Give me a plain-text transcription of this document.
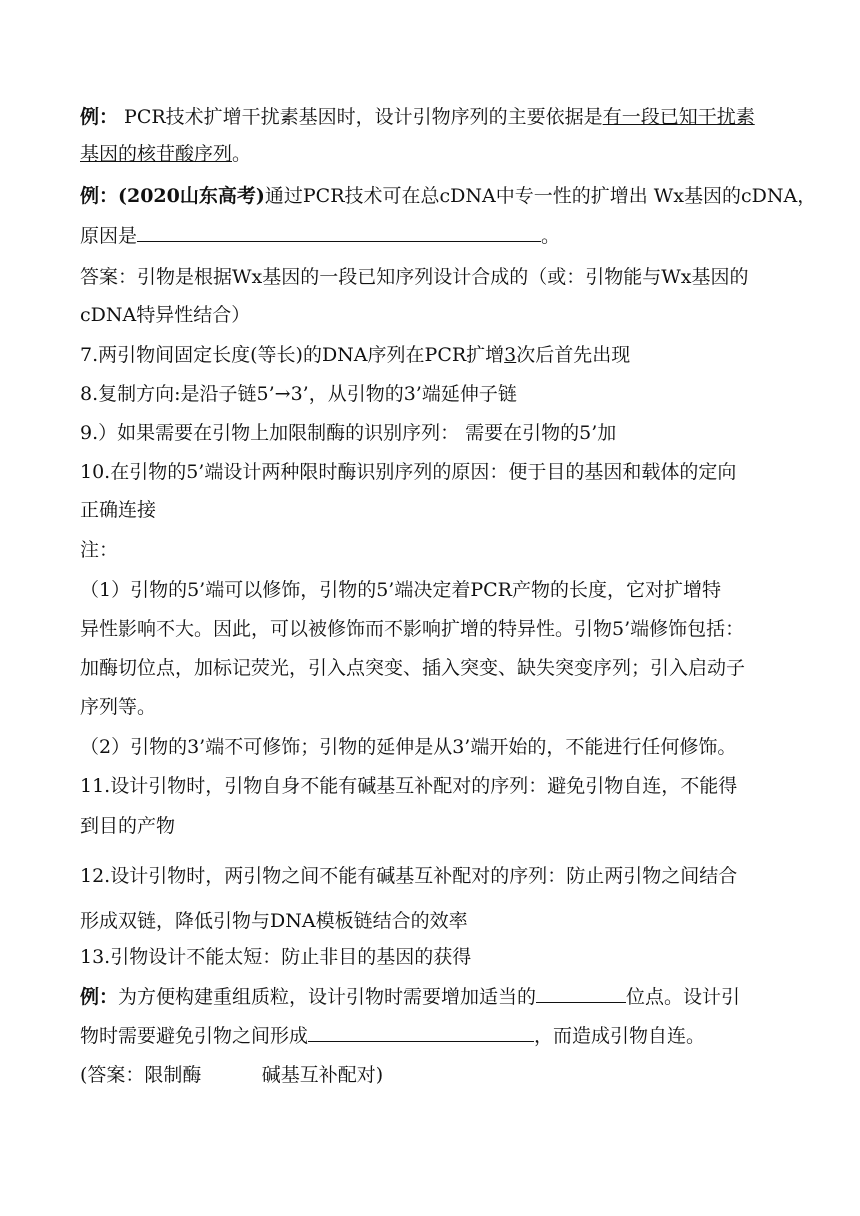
例： PCR技术扩增干扰素基因时，设计引物序列的主要依据是有一段已知干扰素
基因的核苷酸序列。
例：(2020山东高考)通过PCR技术可在总cDNA中专一性的扩增出 Wx基因的cDNA，
原因是	。
答案：引物是根据Wx基因的一段已知序列设计合成的（或：引物能与Wx基因的
cDNA特异性结合）
7.两引物间固定长度(等长)的DNA序列在PCR扩增3次后首先出现
8.复制方向:是沿子链5’→3’，从引物的3’端延伸子链
9.）如果需要在引物上加限制酶的识别序列： 需要在引物的5’加
10.在引物的5’端设计两种限时酶识别序列的原因：便于目的基因和载体的定向
正确连接
注：
（1）引物的5’端可以修饰，引物的5’端决定着PCR产物的长度，它对扩增特
异性影响不大。因此，可以被修饰而不影响扩增的特异性。引物5’端修饰包括：
加酶切位点，加标记荧光，引入点突变、插入突变、缺失突变序列；引入启动子
序列等。
（2）引物的3’端不可修饰；引物的延伸是从3’端开始的，不能进行任何修饰。
11.设计引物时，引物自身不能有碱基互补配对的序列：避免引物自连，不能得
到目的产物
12.设计引物时，两引物之间不能有碱基互补配对的序列：防止两引物之间结合
形成双链，降低引物与DNA模板链结合的效率
13.引物设计不能太短：防止非目的基因的获得
例：为方便构建重组质粒，设计引物时需要增加适当的	位点。设计引
物时需要避免引物之间形成	，而造成引物自连。
(答案：限制酶          碱基互补配对)
